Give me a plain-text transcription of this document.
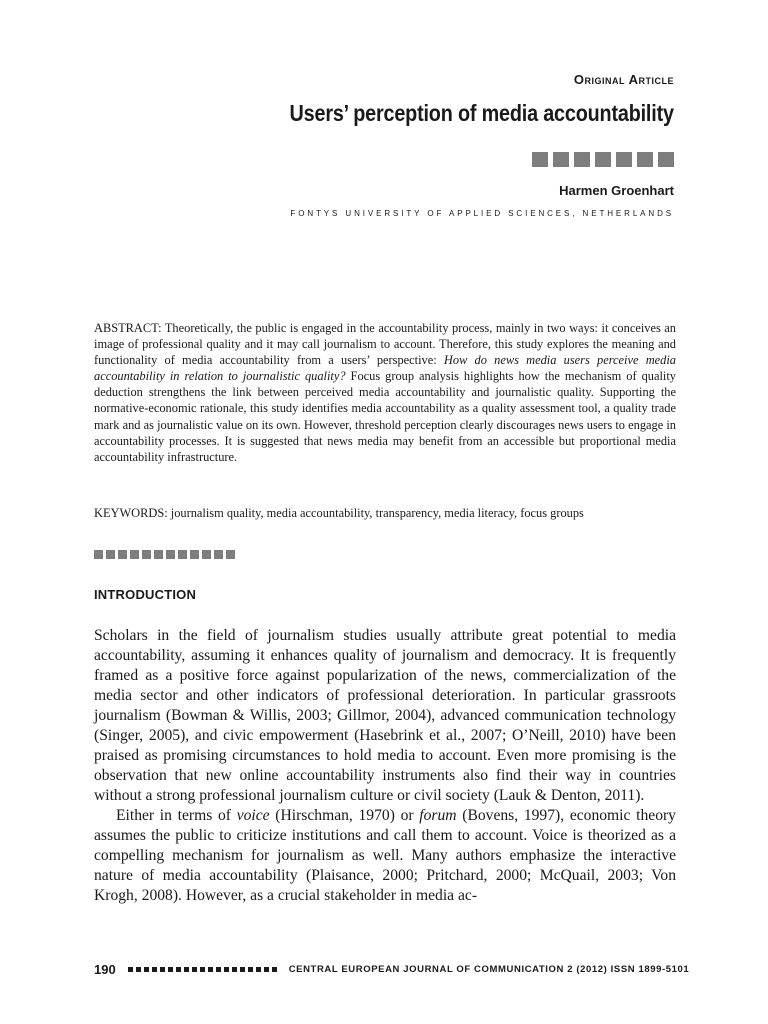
Original Article
Users’ perception of media accountability
Harmen Groenhart
FONTYS UNIVERSITY OF APPLIED SCIENCES, NETHERLANDS

ABSTRACT: Theoretically, the public is engaged in the accountability process, mainly in two ways: it conceives an image of professional quality and it may call journalism to account. Therefore, this study explores the meaning and functionality of media accountability from a users’ perspective: How do news media users perceive media accountability in relation to journalistic quality? Focus group analysis highlights how the mechanism of quality deduction strengthens the link between perceived media accountability and journalistic quality. Supporting the normative-economic rationale, this study identifies media accountability as a quality assessment tool, a quality trade mark and as journalistic value on its own. However, threshold perception clearly discourages news users to engage in accountability processes. It is suggested that news media may benefit from an accessible but proportional media accountability infrastructure.

KEYWORDS: journalism quality, media accountability, transparency, media literacy, focus groups

INTRODUCTION

Scholars in the field of journalism studies usually attribute great potential to media accountability, assuming it enhances quality of journalism and democracy. It is frequently framed as a positive force against popularization of the news, commercialization of the media sector and other indicators of professional deterioration. In particular grassroots journalism (Bowman & Willis, 2003; Gillmor, 2004), advanced communication technology (Singer, 2005), and civic empowerment (Hasebrink et al., 2007; O’Neill, 2010) have been praised as promising circumstances to hold media to account. Even more promising is the observation that new online accountability instruments also find their way in countries without a strong professional journalism culture or civil society (Lauk & Denton, 2011).

Either in terms of voice (Hirschman, 1970) or forum (Bovens, 1997), economic theory assumes the public to criticize institutions and call them to account. Voice is theorized as a compelling mechanism for journalism as well. Many authors emphasize the interactive nature of media accountability (Plaisance, 2000; Pritchard, 2000; McQuail, 2003; Von Krogh, 2008). However, as a crucial stakeholder in media ac-

190	CENTRAL EUROPEAN JOURNAL OF COMMUNICATION 2 (2012) ISSN 1899-5101
